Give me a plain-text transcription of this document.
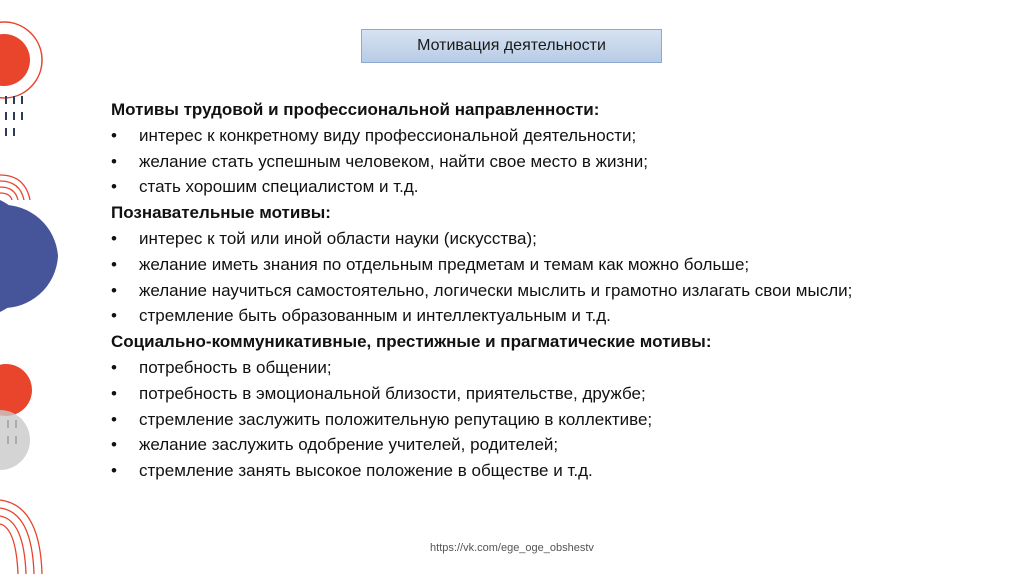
Мотивация деятельности
Мотивы трудовой и профессиональной направленности:
•	интерес к конкретному виду профессиональной деятельности;
•	желание стать успешным человеком, найти свое место в жизни;
•	стать хорошим специалистом и т.д.
Познавательные мотивы:
•	интерес к той или иной области науки (искусства);
•	желание иметь знания по отдельным предметам и темам как можно больше;
•	желание научиться самостоятельно, логически мыслить и грамотно излагать свои мысли;
•	стремление быть образованным и интеллектуальным и т.д.
Социально-коммуникативные, престижные и прагматические мотивы:
•	потребность в общении;
•	потребность в эмоциональной близости, приятельстве, дружбе;
•	стремление заслужить положительную репутацию в коллективе;
•	желание заслужить одобрение учителей, родителей;
•	стремление занять высокое положение в обществе и т.д.
https://vk.com/ege_oge_obshestv
